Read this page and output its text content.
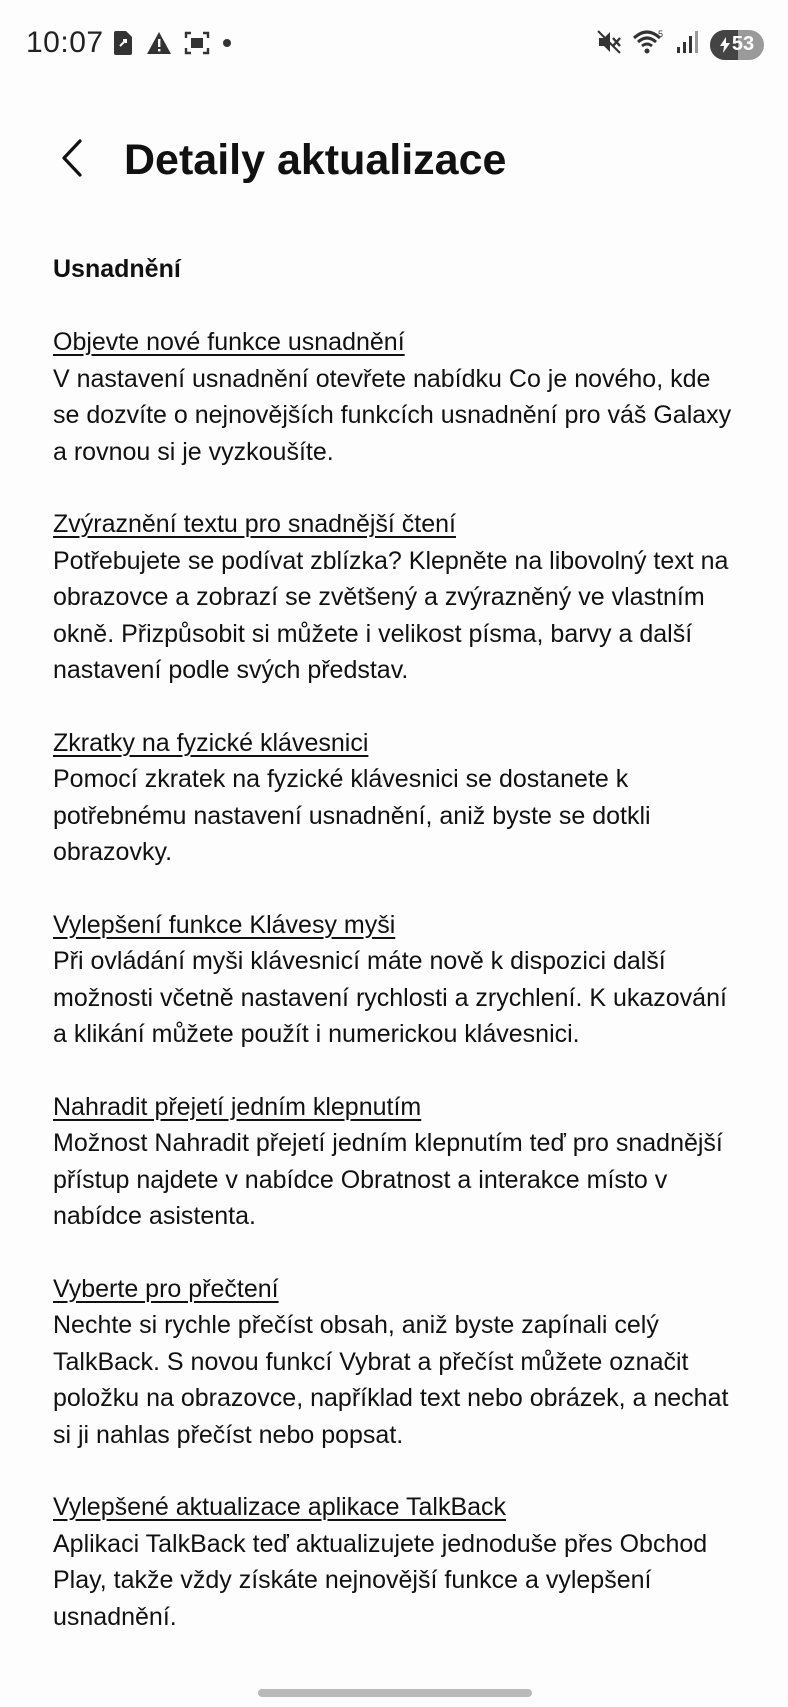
10:07	5	53
Detaily aktualizace
Usnadnění
Objevte nové funkce usnadnění

V nastavení usnadnění otevřete nabídku Co je nového, kde se dozvíte o nejnovějších funkcích usnadnění pro váš Galaxy a rovnou si je vyzkoušíte.

Zvýraznění textu pro snadnější čtení

Potřebujete se podívat zblízka? Klepněte na libovolný text na obrazovce a zobrazí se zvětšený a zvýrazněný ve vlastním okně. Přizpůsobit si můžete i velikost písma, barvy a další nastavení podle svých představ.

Zkratky na fyzické klávesnici

Pomocí zkratek na fyzické klávesnici se dostanete k potřebnému nastavení usnadnění, aniž byste se dotkli obrazovky.

Vylepšení funkce Klávesy myši

Při ovládání myši klávesnicí máte nově k dispozici další možnosti včetně nastavení rychlosti a zrychlení. K ukazování a klikání můžete použít i numerickou klávesnici.

Nahradit přejetí jedním klepnutím

Možnost Nahradit přejetí jedním klepnutím teď pro snadnější přístup najdete v nabídce Obratnost a interakce místo v nabídce asistenta.

Vyberte pro přečtení

Nechte si rychle přečíst obsah, aniž byste zapínali celý TalkBack. S novou funkcí Vybrat a přečíst můžete označit položku na obrazovce, například text nebo obrázek, a nechat si ji nahlas přečíst nebo popsat.

Vylepšené aktualizace aplikace TalkBack

Aplikaci TalkBack teď aktualizujete jednoduše přes Obchod Play, takže vždy získáte nejnovější funkce a vylepšení usnadnění.
